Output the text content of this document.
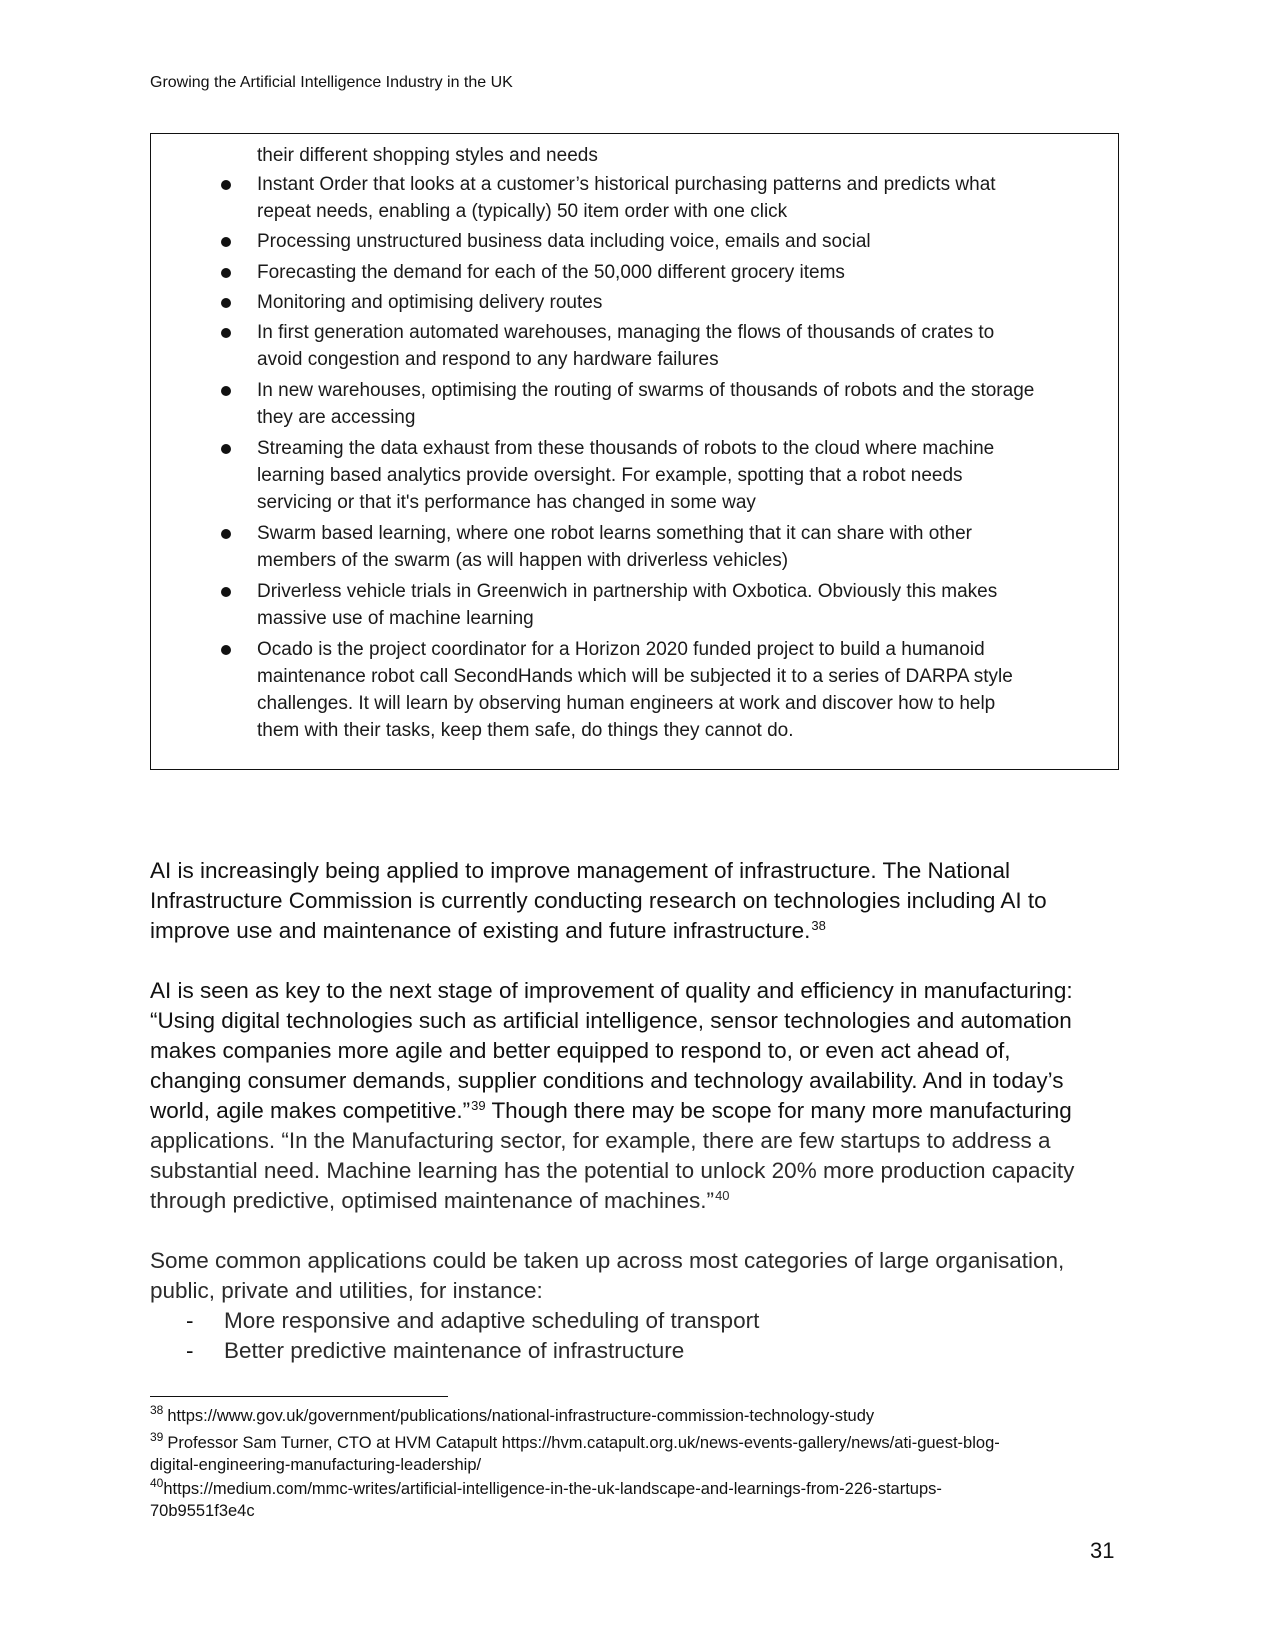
Growing the Artificial Intelligence Industry in the UK
their different shopping styles and needs
Instant Order that looks at a customer’s historical purchasing patterns and predicts what
repeat needs, enabling a (typically) 50 item order with one click
Processing unstructured business data including voice, emails and social
Forecasting the demand for each of the 50,000 different grocery items
Monitoring and optimising delivery routes
In first generation automated warehouses, managing the flows of thousands of crates to
avoid congestion and respond to any hardware failures
In new warehouses, optimising the routing of swarms of thousands of robots and the storage
they are accessing
Streaming the data exhaust from these thousands of robots to the cloud where machine
learning based analytics provide oversight. For example, spotting that a robot needs
servicing or that it's performance has changed in some way
Swarm based learning, where one robot learns something that it can share with other
members of the swarm (as will happen with driverless vehicles)
Driverless vehicle trials in Greenwich in partnership with Oxbotica. Obviously this makes
massive use of machine learning
Ocado is the project coordinator for a Horizon 2020 funded project to build a humanoid
maintenance robot call SecondHands which will be subjected it to a series of DARPA style
challenges. It will learn by observing human engineers at work and discover how to help
them with their tasks, keep them safe, do things they cannot do.
AI is increasingly being applied to improve management of infrastructure. The National
Infrastructure Commission is currently conducting research on technologies including AI to
improve use and maintenance of existing and future infrastructure.$^{38}$
AI is seen as key to the next stage of improvement of quality and efficiency in manufacturing:
“Using digital technologies such as artificial intelligence, sensor technologies and automation
makes companies more agile and better equipped to respond to, or even act ahead of,
changing consumer demands, supplier conditions and technology availability. And in today’s
world, agile makes competitive.”$^{39}$ Though there may be scope for many more manufacturing
applications. “In the Manufacturing sector, for example, there are few startups to address a
substantial need. Machine learning has the potential to unlock 20% more production capacity
through predictive, optimised maintenance of machines.”$^{40}$
Some common applications could be taken up across most categories of large organisation,
public, private and utilities, for instance:
- More responsive and adaptive scheduling of transport
- Better predictive maintenance of infrastructure
$^{38}$ https://www.gov.uk/government/publications/national-infrastructure-commission-technology-study
$^{39}$ Professor Sam Turner, CTO at HVM Catapult https://hvm.catapult.org.uk/news-events-gallery/news/ati-guest-blog-
digital-engineering-manufacturing-leadership/
$^{40}$https://medium.com/mmc-writes/artificial-intelligence-in-the-uk-landscape-and-learnings-from-226-startups-
70b9551f3e4c
31
